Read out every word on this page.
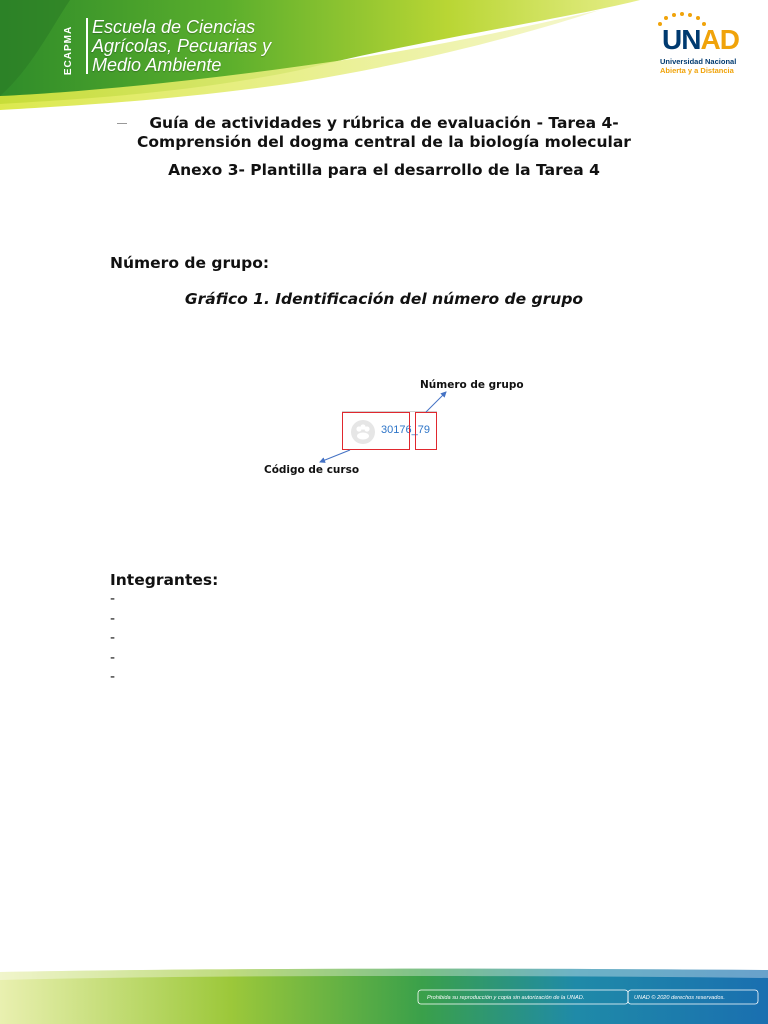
ECAPMA Escuela de Ciencias
Agrícolas, Pecuarias y
Medio Ambiente
UNAD
Universidad Nacional
Abierta y a Distancia
Guía de actividades y rúbrica de evaluación - Tarea 4-
Comprensión del dogma central de la biología molecular
Anexo 3- Plantilla para el desarrollo de la Tarea 4
Número de grupo:
Gráfico 1. Identificación del número de grupo
30176_79
Número de grupo
Código de curso
Integrantes:
-
-
-
-
-
Prohibida su reproducción y copia sin autorización de la UNAD.	UNAD © 2020 derechos reservados.
